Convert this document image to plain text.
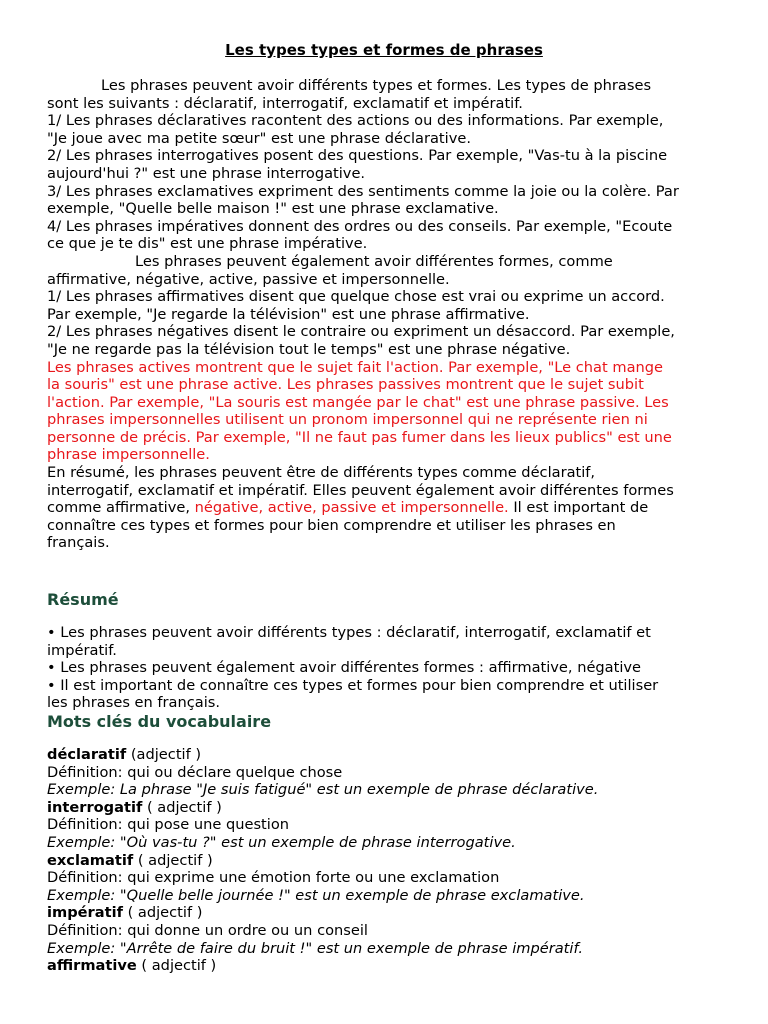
Les types types et formes de phrases
Les phrases peuvent avoir différents types et formes. Les types de phrases
sont les suivants : déclaratif, interrogatif, exclamatif et impératif.
1/ Les phrases déclaratives racontent des actions ou des informations. Par exemple,
"Je joue avec ma petite sœur" est une phrase déclarative.
2/ Les phrases interrogatives posent des questions. Par exemple, "Vas-tu à la piscine
aujourd'hui ?" est une phrase interrogative.
3/ Les phrases exclamatives expriment des sentiments comme la joie ou la colère. Par
exemple, "Quelle belle maison !" est une phrase exclamative.
4/ Les phrases impératives donnent des ordres ou des conseils. Par exemple, "Ecoute
ce que je te dis" est une phrase impérative.
Les phrases peuvent également avoir différentes formes, comme
affirmative, négative, active, passive et impersonnelle.
1/ Les phrases affirmatives disent que quelque chose est vrai ou exprime un accord.
Par exemple, "Je regarde la télévision" est une phrase affirmative.
2/ Les phrases négatives disent le contraire ou expriment un désaccord. Par exemple,
"Je ne regarde pas la télévision tout le temps" est une phrase négative.
Les phrases actives montrent que le sujet fait l'action. Par exemple, "Le chat mange
la souris" est une phrase active. Les phrases passives montrent que le sujet subit
l'action. Par exemple, "La souris est mangée par le chat" est une phrase passive. Les
phrases impersonnelles utilisent un pronom impersonnel qui ne représente rien ni
personne de précis. Par exemple, "Il ne faut pas fumer dans les lieux publics" est une
phrase impersonnelle.
En résumé, les phrases peuvent être de différents types comme déclaratif,
interrogatif, exclamatif et impératif. Elles peuvent également avoir différentes formes
comme affirmative, négative, active, passive et impersonnelle. Il est important de
connaître ces types et formes pour bien comprendre et utiliser les phrases en
français.
Résumé
• Les phrases peuvent avoir différents types : déclaratif, interrogatif, exclamatif et
impératif.
• Les phrases peuvent également avoir différentes formes : affirmative, négative
• Il est important de connaître ces types et formes pour bien comprendre et utiliser
les phrases en français.
Mots clés du vocabulaire
déclaratif (adjectif )
Définition: qui ou déclare quelque chose
Exemple: La phrase "Je suis fatigué" est un exemple de phrase déclarative.
interrogatif ( adjectif )
Définition: qui pose une question
Exemple: "Où vas-tu ?" est un exemple de phrase interrogative.
exclamatif ( adjectif )
Définition: qui exprime une émotion forte ou une exclamation
Exemple: "Quelle belle journée !" est un exemple de phrase exclamative.
impératif ( adjectif )
Définition: qui donne un ordre ou un conseil
Exemple: "Arrête de faire du bruit !" est un exemple de phrase impératif.
affirmative ( adjectif )
